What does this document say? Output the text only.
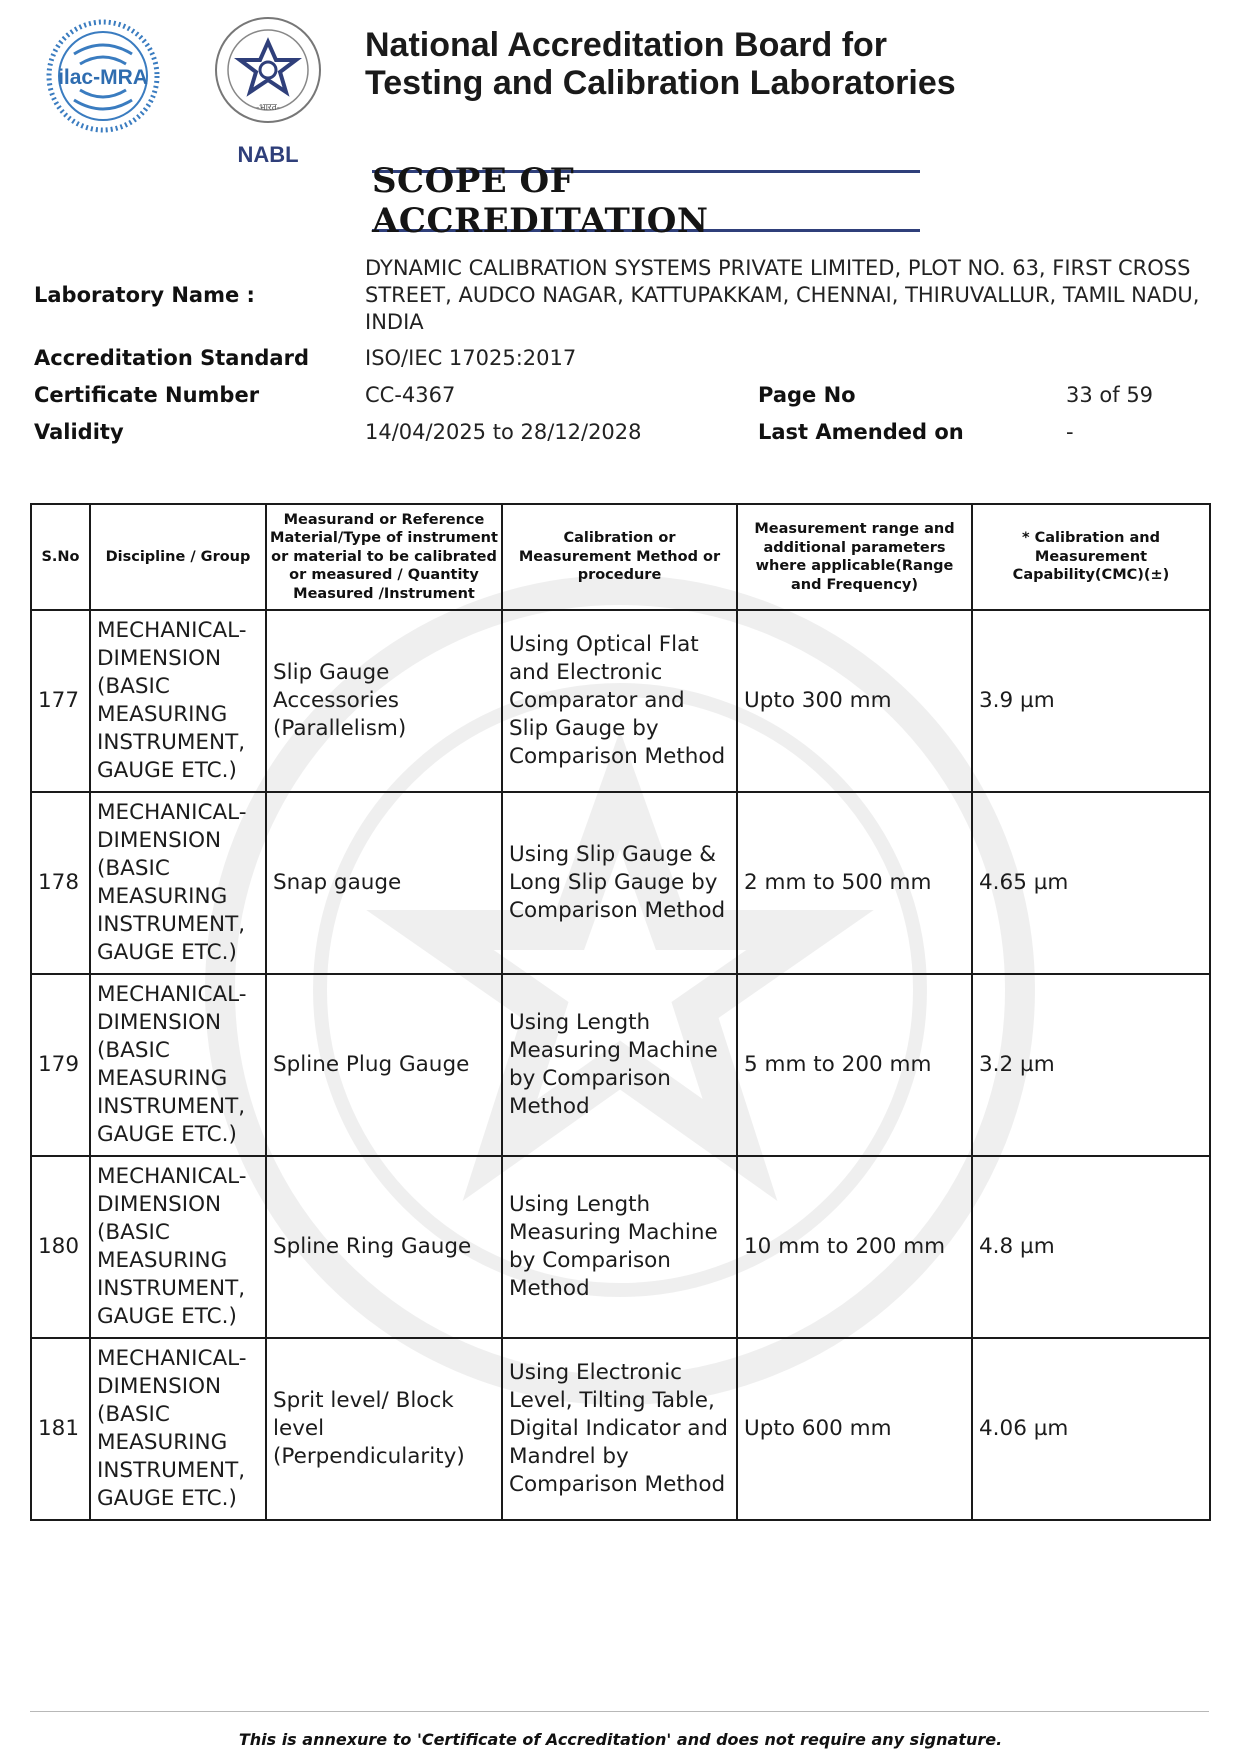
ilac-MRA
-भारत-
NABL
National Accreditation Board for
Testing and Calibration Laboratories
SCOPE OF ACCREDITATION
Laboratory Name :
DYNAMIC CALIBRATION SYSTEMS PRIVATE LIMITED, PLOT NO. 63, FIRST CROSS STREET, AUDCO NAGAR, KATTUPAKKAM, CHENNAI, THIRUVALLUR, TAMIL NADU, INDIA
Accreditation Standard	ISO/IEC 17025:2017
Certificate Number	CC-4367	Page No	33 of 59
Validity	14/04/2025 to 28/12/2028	Last Amended on	-
S.No	Discipline / Group	Measurand or Reference Material/Type of instrument or material to be calibrated or measured / Quantity Measured /Instrument	Calibration or Measurement Method or procedure	Measurement range and additional parameters where applicable(Range and Frequency)	* Calibration and Measurement Capability(CMC)(±)
177	MECHANICAL- DIMENSION (BASIC MEASURING INSTRUMENT, GAUGE ETC.)	Slip Gauge Accessories (Parallelism)	Using Optical Flat and Electronic Comparator and Slip Gauge by Comparison Method	Upto 300 mm	3.9 µm
178	MECHANICAL- DIMENSION (BASIC MEASURING INSTRUMENT, GAUGE ETC.)	Snap gauge	Using Slip Gauge & Long Slip Gauge by Comparison Method	2 mm to 500 mm	4.65 µm
179	MECHANICAL- DIMENSION (BASIC MEASURING INSTRUMENT, GAUGE ETC.)	Spline Plug Gauge	Using Length Measuring Machine by Comparison Method	5 mm to 200 mm	3.2 µm
180	MECHANICAL- DIMENSION (BASIC MEASURING INSTRUMENT, GAUGE ETC.)	Spline Ring Gauge	Using Length Measuring Machine by Comparison Method	10 mm to 200 mm	4.8 µm
181	MECHANICAL- DIMENSION (BASIC MEASURING INSTRUMENT, GAUGE ETC.)	Sprit level/ Block level (Perpendicularity)	Using Electronic Level, Tilting Table, Digital Indicator and Mandrel by Comparison Method	Upto 600 mm	4.06 µm
This is annexure to 'Certificate of Accreditation' and does not require any signature.
